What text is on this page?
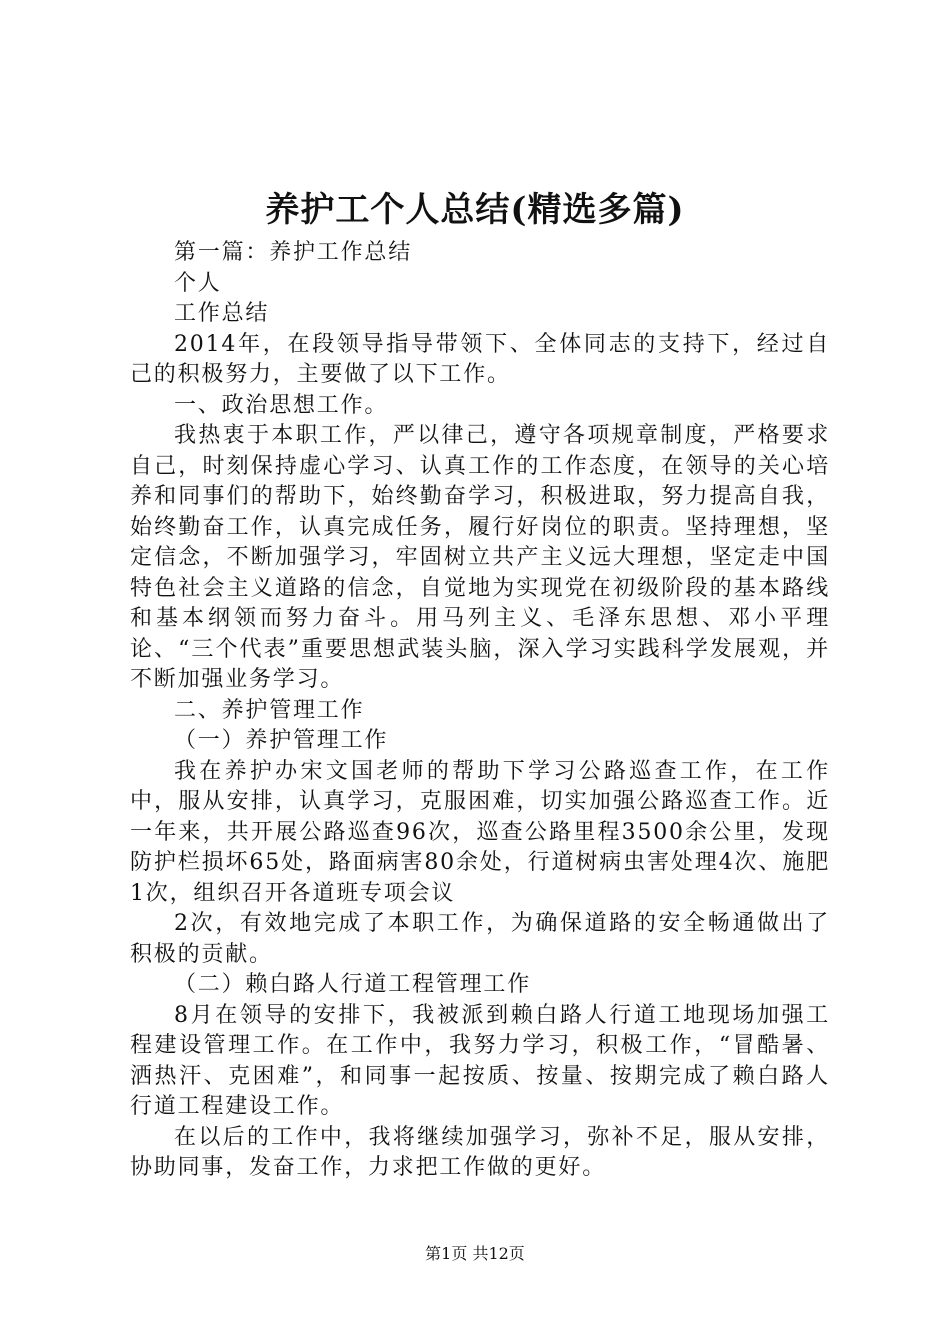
养护工个人总结(精选多篇)

第一篇：养护工作总结

个人

工作总结

2014年，在段领导指导带领下、全体同志的支持下，经过自己的积极努力，主要做了以下工作。

一、政治思想工作。

我热衷于本职工作，严以律己，遵守各项规章制度，严格要求自己，时刻保持虚心学习、认真工作的工作态度，在领导的关心培养和同事们的帮助下，始终勤奋学习，积极进取，努力提高自我，始终勤奋工作，认真完成任务，履行好岗位的职责。坚持理想，坚定信念，不断加强学习，牢固树立共产主义远大理想，坚定走中国特色社会主义道路的信念，自觉地为实现党在初级阶段的基本路线和基本纲领而努力奋斗。用马列主义、毛泽东思想、邓小平理论、“三个代表”重要思想武装头脑，深入学习实践科学发展观，并不断加强业务学习。

二、养护管理工作

（一）养护管理工作

我在养护办宋文国老师的帮助下学习公路巡查工作，在工作中，服从安排，认真学习，克服困难，切实加强公路巡查工作。近一年来，共开展公路巡查96次，巡查公路里程3500余公里，发现防护栏损坏65处，路面病害80余处，行道树病虫害处理4次、施肥1次，组织召开各道班专项会议

2次，有效地完成了本职工作，为确保道路的安全畅通做出了积极的贡献。

（二）赖白路人行道工程管理工作

8月在领导的安排下，我被派到赖白路人行道工地现场加强工程建设管理工作。在工作中，我努力学习，积极工作，“冒酷暑、洒热汗、克困难”，和同事一起按质、按量、按期完成了赖白路人行道工程建设工作。

在以后的工作中，我将继续加强学习，弥补不足，服从安排，协助同事，发奋工作，力求把工作做的更好。

第1页 共12页
